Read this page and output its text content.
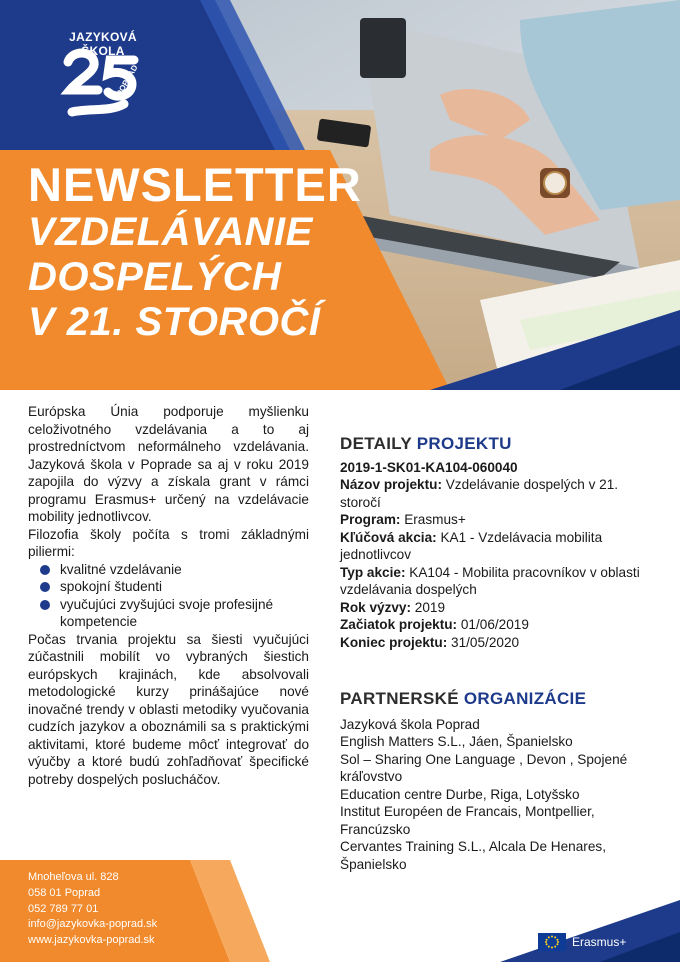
JAZYKOVÁ ŠKOLA
POPRAD
NEWSLETTER
VZDELÁVANIE
DOSPELÝCH
V 21. STOROČÍ

Európska Únia podporuje myšlienku celoživotného vzdelávania a to aj prostredníctvom neformálneho vzdelávania. Jazyková škola v Poprade sa aj v roku 2019 zapojila do výzvy a získala grant v rámci programu Erasmus+ určený na vzdelávacie mobility jednotlivcov.

Filozofia školy počíta s tromi základnými piliermi:

kvalitné vzdelávanie
spokojní študenti
vyučujúci zvyšujúci svoje profesijné kompetencie

Počas trvania projektu sa šiesti vyučujúci zúčastnili mobilít vo vybraných šiestich európskych krajinách, kde absolvovali metodologické kurzy prinášajúce nové inovačné trendy v oblasti metodiky vyučovania cudzích jazykov a oboznámili sa s praktickými aktivitami, ktoré budeme môcť integrovať do výučby a ktoré budú zohľadňovať špecifické potreby dospelých poslucháčov.

DETAILY PROJEKTU
2019-1-SK01-KA104-060040
Názov projektu: Vzdelávanie dospelých v 21. storočí
Program: Erasmus+
Kľúčová akcia: KA1 - Vzdelávacia mobilita jednotlivcov
Typ akcie: KA104 - Mobilita pracovníkov v oblasti vzdelávania dospelých
Rok výzvy: 2019
Začiatok projektu: 01/06/2019
Koniec projektu: 31/05/2020
PARTNERSKÉ ORGANIZÁCIE
Jazyková škola Poprad
English Matters S.L., Jáen, Španielsko
Sol – Sharing One Language , Devon , Spojené kráľovstvo
Education centre Durbe, Riga, Lotyšsko
Institut Européen de Francais, Montpellier, Francúzsko
Cervantes Training S.L., Alcala De Henares, Španielsko
Mnoheľova ul. 828
058 01 Poprad
052 789 77 01
info@jazykovka-poprad.sk
www.jazykovka-poprad.sk	Erasmus+
